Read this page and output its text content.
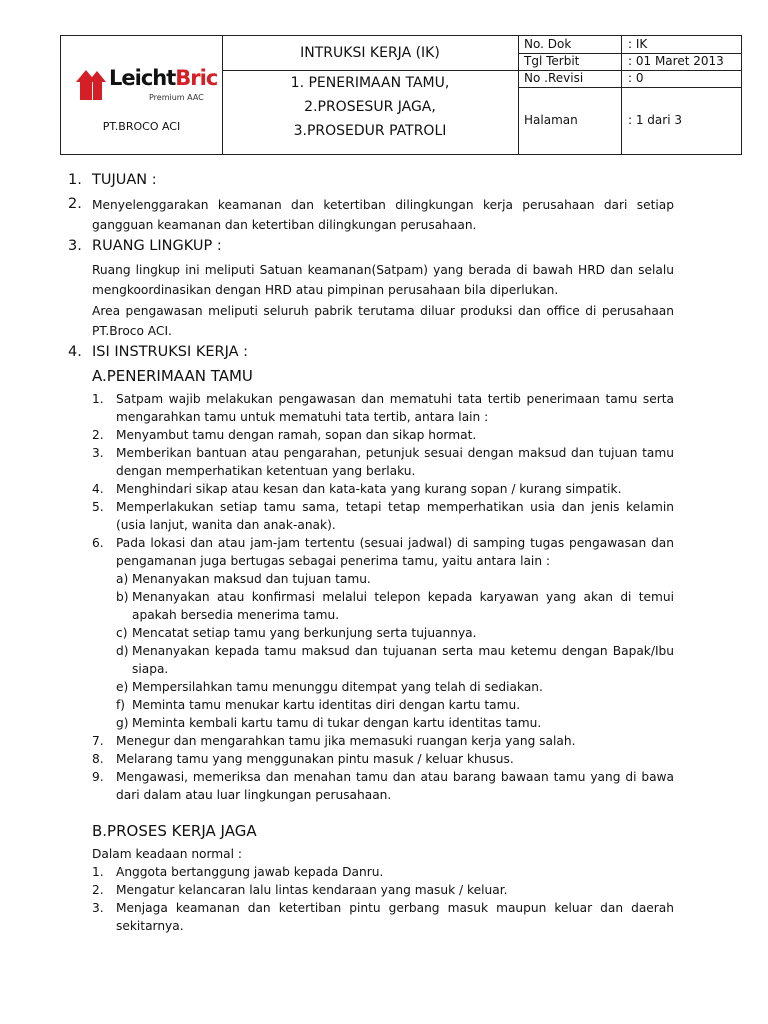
LeichtBric
Premium AAC
PT.BROCO ACI
INTRUKSI KERJA (IK)
1. PENERIMAAN TAMU,
2.PROSESUR JAGA,
3.PROSEDUR PATROLI
No. Dok	: IK
Tgl Terbit	: 01 Maret 2013
No .Revisi	: 0
Halaman	: 1 dari 3
1. TUJUAN :
2. Menyelenggarakan keamanan dan ketertiban dilingkungan kerja perusahaan dari setiap gangguan keamanan dan ketertiban dilingkungan perusahaan.
3. RUANG LINGKUP :
Ruang lingkup ini meliputi Satuan keamanan(Satpam) yang berada di bawah HRD dan selalu mengkoordinasikan dengan HRD atau pimpinan perusahaan bila diperlukan.
Area pengawasan meliputi seluruh pabrik terutama diluar produksi dan office di perusahaan PT.Broco ACI.
4. ISI INSTRUKSI KERJA :
A.PENERIMAAN TAMU
1. Satpam wajib melakukan pengawasan dan mematuhi tata tertib penerimaan tamu serta mengarahkan tamu untuk mematuhi tata tertib, antara lain :
2. Menyambut tamu dengan ramah, sopan dan sikap hormat.
3. Memberikan bantuan atau pengarahan, petunjuk sesuai dengan maksud dan tujuan tamu dengan memperhatikan ketentuan yang berlaku.
4. Menghindari sikap atau kesan dan kata-kata yang kurang sopan / kurang simpatik.
5. Memperlakukan setiap tamu sama, tetapi tetap memperhatikan usia dan jenis kelamin (usia lanjut, wanita dan anak-anak).
6. Pada lokasi dan atau jam-jam tertentu (sesuai jadwal) di samping tugas pengawasan dan pengamanan juga bertugas sebagai penerima tamu, yaitu antara lain :
a) Menanyakan maksud dan tujuan tamu.
b) Menanyakan atau konfirmasi melalui telepon kepada karyawan yang akan di temui apakah bersedia menerima tamu.
c) Mencatat setiap tamu yang berkunjung serta tujuannya.
d) Menanyakan kepada tamu maksud dan tujuanan serta mau ketemu dengan Bapak/Ibu siapa.
e) Mempersilahkan tamu menunggu ditempat yang telah di sediakan.
f) Meminta tamu menukar kartu identitas diri dengan kartu tamu.
g) Meminta kembali kartu tamu di tukar dengan kartu identitas tamu.
7. Menegur dan mengarahkan tamu jika memasuki ruangan kerja yang salah.
8. Melarang tamu yang menggunakan pintu masuk / keluar khusus.
9. Mengawasi, memeriksa dan menahan tamu dan atau barang bawaan tamu yang di bawa dari dalam atau luar lingkungan perusahaan.
B.PROSES KERJA JAGA
Dalam keadaan normal :
1. Anggota bertanggung jawab kepada Danru.
2. Mengatur kelancaran lalu lintas kendaraan yang masuk / keluar.
3. Menjaga keamanan dan ketertiban pintu gerbang masuk maupun keluar dan daerah sekitarnya.
